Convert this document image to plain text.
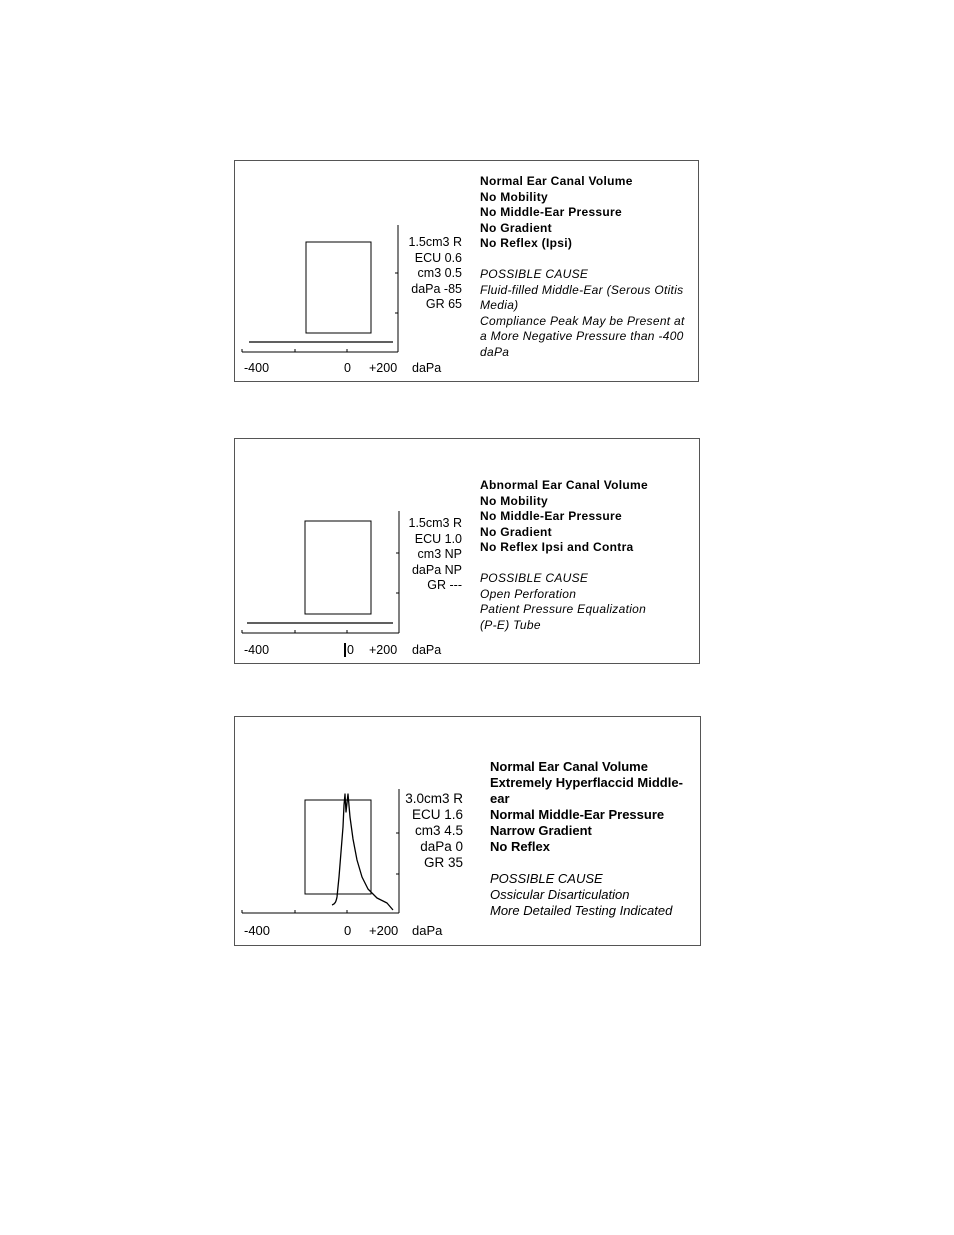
1.5cm3 R
ECU 0.6
cm3 0.5
daPa -85
GR 65
-400	0 +200 daPa
Normal Ear Canal Volume
No Mobility
No Middle-Ear Pressure
No Gradient
No Reflex (Ipsi)
POSSIBLE CAUSE
Fluid-filled Middle-Ear (Serous Otitis
Media)
Compliance Peak May be Present at
a More Negative Pressure than -400
daPa
1.5cm3 R
ECU 1.0
cm3 NP
daPa NP
GR ---
-400	0 +200 daPa
Abnormal Ear Canal Volume
No Mobility
No Middle-Ear Pressure
No Gradient
No Reflex Ipsi and Contra
POSSIBLE CAUSE
Open Perforation
Patient Pressure Equalization
(P-E) Tube
3.0cm3 R
ECU 1.6
cm3 4.5
daPa 0
GR 35
-400	0 +200 daPa
Normal Ear Canal Volume
Extremely Hyperflaccid Middle-
ear
Normal Middle-Ear Pressure
Narrow Gradient
No Reflex
POSSIBLE CAUSE
Ossicular Disarticulation
More Detailed Testing Indicated
